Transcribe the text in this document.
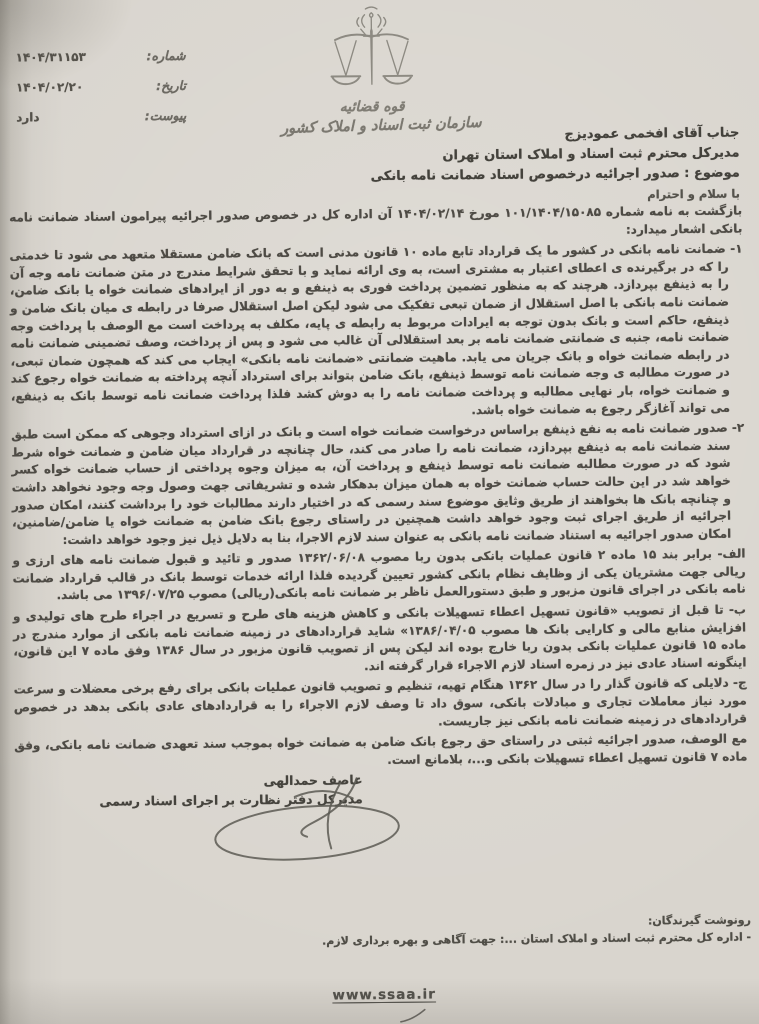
قوه قضائیه
سازمان ثبت اسناد و املاک کشور
شماره:
۱۴۰۴/۳۱۱۵۳
تاریخ:
۱۴۰۴/۰۲/۲۰
پیوست:
دارد
جناب آقای افخمی عمودیزج
مدیرکل محترم ثبت اسناد و املاک استان تهران
موضوع : صدور اجرائیه درخصوص اسناد ضمانت نامه بانکی
با سلام و احترام

بازگشت به نامه شماره ۱۰۱/۱۴۰۴/۱۵۰۸۵ مورخ ۱۴۰۴/۰۲/۱۴ آن اداره کل در خصوص صدور اجرائیه پیرامون اسناد ضمانت نامه بانکی اشعار میدارد:

۱- ضمانت نامه بانکی در کشور ما یک قرارداد تابع ماده ۱۰ قانون مدنی است که بانک ضامن مستقلا متعهد می شود تا خدمتی را که در برگیرنده ی اعطای اعتبار به مشتری است، به وی ارائه نماید و با تحقق شرایط مندرج در متن ضمانت نامه وجه آن را به ذینفع بپردازد. هرچند که به منظور تضمین پرداخت فوری به ذینفع و به دور از ایرادهای ضمانت خواه یا بانک ضامن، ضمانت نامه بانکی با اصل استقلال از ضمان تبعی تفکیک می شود لیکن اصل استقلال صرفا در رابطه ی میان بانک ضامن و ذینفع، حاکم است و بانک بدون توجه به ایرادات مربوط به رابطه ی پایه، مکلف به پرداخت است مع الوصف با پرداخت وجه ضمانت نامه، جنبه ی ضمانتی ضمانت نامه بر بعد استقلالی آن غالب می شود و پس از پرداخت، وصف تضمینی ضمانت نامه در رابطه ضمانت خواه و بانک جریان می یابد. ماهیت ضمانتی «ضمانت نامه بانکی» ایجاب می کند که همچون ضمان تبعی، در صورت مطالبه ی وجه ضمانت نامه توسط ذینفع، بانک ضامن بتواند برای استرداد آنچه پرداخته به ضمانت خواه رجوع کند و ضمانت خواه، بار نهایی مطالبه و پرداخت ضمانت نامه را به دوش کشد فلذا پرداخت ضمانت نامه توسط بانک به ذینفع، می تواند آغازگر رجوع به ضمانت خواه باشد.

۲- صدور ضمانت نامه به نفع ذینفع براساس درخواست ضمانت خواه است و بانک در ازای استرداد وجوهی که ممکن است طبق سند ضمانت نامه به ذینفع بپردازد، ضمانت نامه را صادر می کند، حال چنانچه در قرارداد میان ضامن و ضمانت خواه شرط شود که در صورت مطالبه ضمانت نامه توسط ذینفع و پرداخت آن، به میزان وجوه پرداختی از حساب ضمانت خواه کسر خواهد شد در این حالت حساب ضمانت خواه به همان میزان بدهکار شده و تشریفاتی جهت وصول وجه وجود نخواهد داشت و چنانچه بانک ها بخواهند از طریق وثایق موضوع سند رسمی که در اختیار دارند مطالبات خود را برداشت کنند، امکان صدور اجرائیه از طریق اجرای ثبت وجود خواهد داشت همچنین در راستای رجوع بانک ضامن به ضمانت خواه یا ضامن/ضامنین، امکان صدور اجرائیه به استناد ضمانت نامه بانکی به عنوان سند لازم الاجرا، بنا به دلایل ذیل نیز وجود خواهد داشت:

الف- برابر بند ۱۵ ماده ۲ قانون عملیات بانکی بدون ربا مصوب ۱۳۶۲/۰۶/۰۸ صدور و تائید و قبول ضمانت نامه های ارزی و ریالی جهت مشتریان یکی از وظایف نظام بانکی کشور تعیین گردیده فلذا ارائه خدمات توسط بانک در قالب قرارداد ضمانت نامه بانکی در اجرای قانون مزبور و طبق دستورالعمل ناظر بر ضمانت نامه بانکی(ریالی) مصوب ۱۳۹۶/۰۷/۲۵ می باشد.

ب- تا قبل از تصویب «قانون تسهیل اعطاء تسهیلات بانکی و کاهش هزینه های طرح و تسریع در اجراء طرح های تولیدی و افزایش منابع مالی و کارایی بانک ها مصوب ۱۳۸۶/۰۴/۰۵» شاید قراردادهای در زمینه ضمانت نامه بانکی از موارد مندرج در ماده ۱۵ قانون عملیات بانکی بدون ربا خارج بوده اند لیکن پس از تصویب قانون مزبور در سال ۱۳۸۶ وفق ماده ۷ این قانون، اینگونه اسناد عادی نیز در زمره اسناد لازم الاجراء قرار گرفته اند.

ج- دلایلی که قانون گذار را در سال ۱۳۶۲ هنگام تهیه، تنظیم و تصویب قانون عملیات بانکی برای رفع برخی معضلات و سرعت مورد نیاز معاملات تجاری و مبادلات بانکی، سوق داد تا وصف لازم الاجراء را به قراردادهای عادی بانکی بدهد در خصوص قراردادهای در زمینه ضمانت نامه بانکی نیز جاریست.

مع الوصف، صدور اجرائیه ثبتی در راستای حق رجوع بانک ضامن به ضمانت خواه بموجب سند تعهدی ضمانت نامه بانکی، وفق ماده ۷ قانون تسهیل اعطاء تسهیلات بانکی و...، بلامانع است.

عاصف حمدالهی
مدیرکل دفتر نظارت بر اجرای اسناد رسمی
رونوشت گیرندگان:
- اداره کل محترم ثبت اسناد و املاک استان ...: جهت آگاهی و بهره برداری لازم.
www.ssaa.ir
